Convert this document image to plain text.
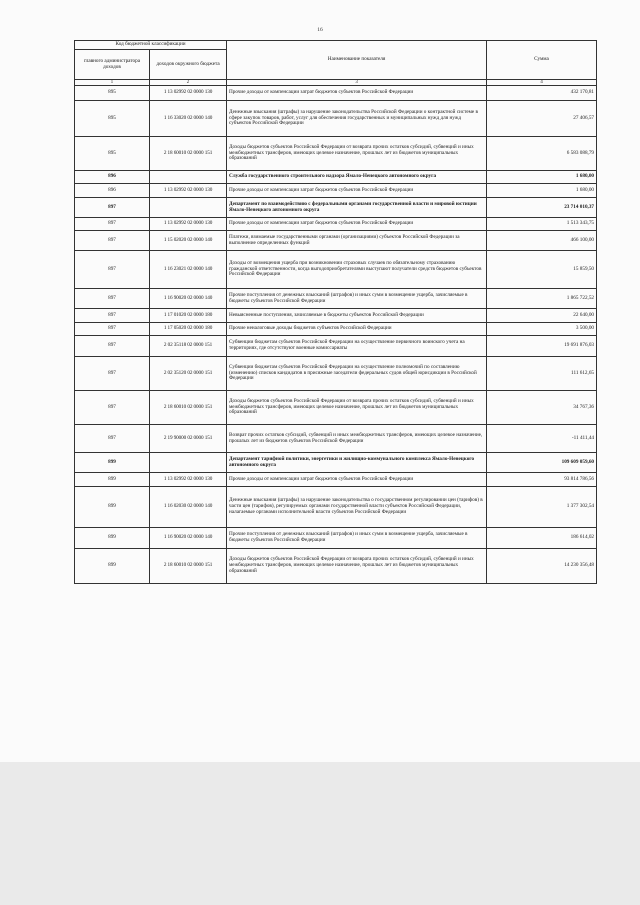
16
Код бюджетной классификации		Наименование показателя	Сумма
главного администратора доходов	доходов окружного бюджета		
1	2	3	4
895	1 13 02992 02 0000 130	Прочие доходы от компенсации затрат бюджетов субъектов Российской Федерации	432 170,81
895	1 16 33020 02 0000 140	Денежные взыскания (штрафы) за нарушение законодательства Российской Федерации о контрактной системе в сфере закупок товаров, работ, услуг для обеспечения государственных и муниципальных нужд для нужд субъектов Российской Федерации	27 406,57
895	2 18 60010 02 0000 151	Доходы бюджетов субъектов Российской Федерации от возврата прочих остатков субсидий, субвенций и иных межбюджетных трансферов, имеющих целевое назначение, прошлых лет из бюджетов муниципальных образований	6 583 088,79
896		Служба государственного строительного надзора Ямало-Ненецкого автономного округа	1 680,00
896	1 13 02992 02 0000 130	Прочие доходы от компенсации затрат бюджетов субъектов Российской Федерации	1 680,00
897		Департамент по взаимодействию с федеральными органами государственной власти и мировой юстиции Ямало-Ненецкого автономного округа	23 714 010,37
897	1 13 02992 02 0000 130	Прочие доходы от компенсации затрат бюджетов субъектов Российской Федерации	1 513 343,75
897	1 15 02020 02 0000 140	Платежи, взимаемые государственными органами (организациями) субъектов Российской Федерации за выполнение определенных функций	466 100,00
897	1 16 23021 02 0000 140	Доходы от возмещения ущерба при возникновении страховых случаев по обязательному страхованию гражданской ответственности, когда выгодоприобретателями выступают получатели средств бюджетов субъектов Российской Федерации	15 859,50
897	1 16 90020 02 0000 140	Прочие поступления от денежных взысканий (штрафов) и иных сумм в возмещение ущерба, зачисляемые в бюджеты субъектов Российской Федерации	1 865 722,52
897	1 17 01020 02 0000 180	Невыясненные поступления, зачисляемые в бюджеты субъектов Российской Федерации	22 640,00
897	1 17 05020 02 0000 180	Прочие неналоговые доходы бюджетов субъектов Российской Федерации	3 500,00
897	2 02 35118 02 0000 151	Субвенции бюджетам субъектов Российской Федерации на осуществление первичного воинского учета на территориях, где отсутствуют военные комиссариаты	19 691 876,03
897	2 02 35120 02 0000 151	Субвенции бюджетам субъектов Российской Федерации на осуществление полномочий по составлению (изменению) списков кандидатов в присяжные заседатели федеральных судов общей юрисдикции в Российской Федерации	111 612,65
897	2 18 60010 02 0000 151	Доходы бюджетов субъектов Российской Федерации от возврата прочих остатков субсидий, субвенций и иных межбюджетных трансферов, имеющих целевое назначение, прошлых лет из бюджетов муниципальных образований	34 767,36
897	2 19 90000 02 0000 151	Возврат прочих остатков субсидий, субвенций и иных межбюджетных трансферов, имеющих целевое назначение, прошлых лет из бюджетов субъектов Российской Федерации	-11 411,44
899		Департамент тарифной политики, энергетики и жилищно-коммунального комплекса Ямало-Ненецкого автономного округа	109 609 059,60
899	1 13 02992 02 0000 130	Прочие доходы от компенсации затрат бюджетов субъектов Российской Федерации	93 814 786,56
899	1 16 02030 02 0000 140	Денежные взыскания (штрафы) за нарушение законодательства о государственном регулировании цен (тарифов) в части цен (тарифов), регулируемых органами государственной власти субъектов Российской Федерации, налагаемые органами исполнительной власти субъектов Российской Федерации	1 377 302,54
899	1 16 90020 02 0000 140	Прочие поступления от денежных взысканий (штрафов) и иных сумм в возмещение ущерба, зачисляемые в бюджеты субъектов Российской Федерации	186 614,02
899	2 18 60010 02 0000 151	Доходы бюджетов субъектов Российской Федерации от возврата прочих остатков субсидий, субвенций и иных межбюджетных трансферов, имеющих целевое назначение, прошлых лет из бюджетов муниципальных образований	14 230 356,48
